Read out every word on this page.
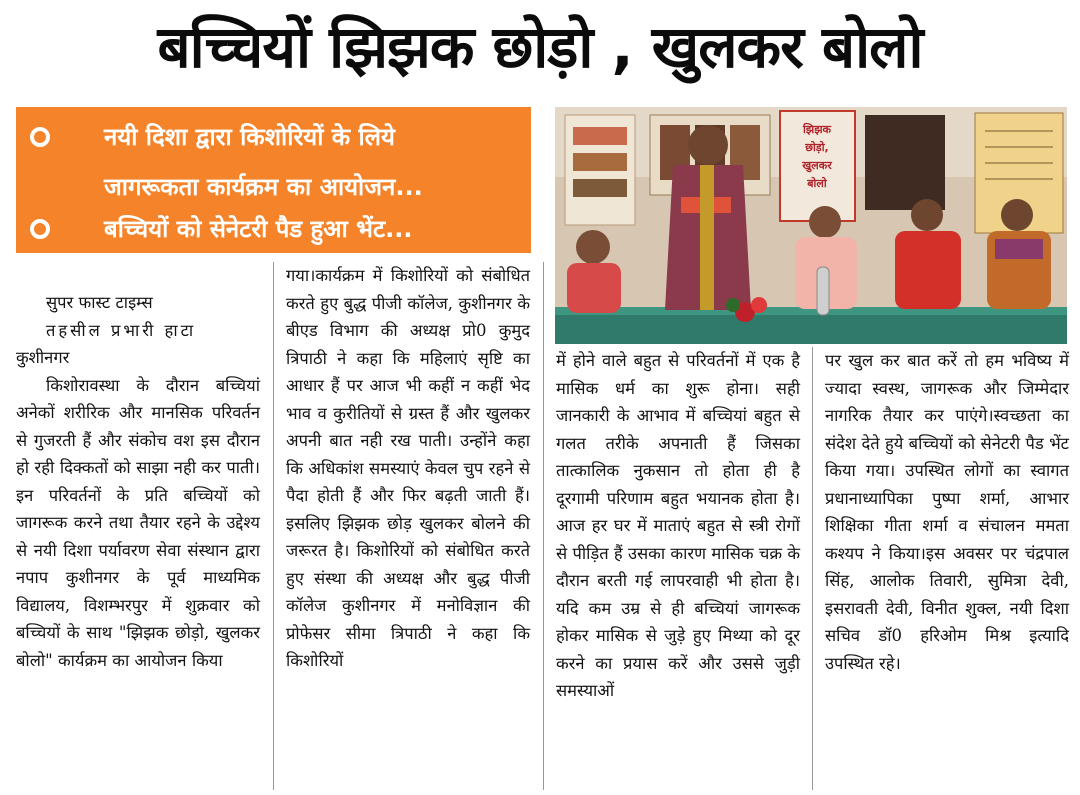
बच्चियों झिझक छोड़ो , खुलकर बोलो
नयी दिशा द्वारा किशोरियों के लिये
जागरूकता कार्यक्रम का आयोजन...
बच्चियों को सेनेटरी पैड हुआ भेंट...
झिझक
छोड़ो,
खुलकर
बोलो

सुपर फास्ट टाइम्स

तहसील प्रभारी हाटा

कुशीनगर

किशोरावस्था के दौरान बच्चियां अनेकों शरीरिक और मानसिक परिवर्तन से गुजरती हैं और संकोच वश इस दौरान हो रही दिक्कतों को साझा नही कर पाती। इन परिवर्तनों के प्रति बच्चियों को जागरूक करने तथा तैयार रहने के उद्देश्य से नयी दिशा पर्यावरण सेवा संस्थान द्वारा नपाप कुशीनगर के पूर्व माध्यमिक विद्यालय, विशम्भरपुर में शुक्रवार को बच्चियों के साथ "झिझक छोड़ो, खुलकर बोलो" कार्यक्रम का आयोजन किया

गया।कार्यक्रम में किशोरियों को संबोधित करते हुए बुद्ध पीजी कॉलेज, कुशीनगर के बीएड विभाग की अध्यक्ष प्रो0 कुमुद त्रिपाठी ने कहा कि महिलाएं सृष्टि का आधार हैं पर आज भी कहीं न कहीं भेद भाव व कुरीतियों से ग्रस्त हैं और खुलकर अपनी बात नही रख पाती। उन्होंने कहा कि अधिकांश समस्याएं केवल चुप रहने से पैदा होती हैं और फिर बढ़ती जाती हैं। इसलिए झिझक छोड़ खुलकर बोलने की जरूरत है। किशोरियों को संबोधित करते हुए संस्था की अध्यक्ष और बुद्ध पीजी कॉलेज कुशीनगर में मनोविज्ञान की प्रोफेसर सीमा त्रिपाठी ने कहा कि किशोरियों

में होने वाले बहुत से परिवर्तनों में एक है मासिक धर्म का शुरू होना। सही जानकारी के आभाव में बच्चियां बहुत से गलत तरीके अपनाती हैं जिसका तात्कालिक नुकसान तो होता ही है दूरगामी परिणाम बहुत भयानक होता है। आज हर घर में माताएं बहुत से स्त्री रोगों से पीड़ित हैं उसका कारण मासिक चक्र के दौरान बरती गई लापरवाही भी होता है। यदि कम उम्र से ही बच्चियां जागरूक होकर मासिक से जुड़े हुए मिथ्या को दूर करने का प्रयास करें और उससे जुड़ी समस्याओं

पर खुल कर बात करें तो हम भविष्य में ज्यादा स्वस्थ, जागरूक और जिम्मेदार नागरिक तैयार कर पाएंगे।स्वच्छता का संदेश देते हुये बच्चियों को सेनेटरी पैड भेंट किया गया। उपस्थित लोगों का स्वागत प्रधानाध्यापिका पुष्पा शर्मा, आभार शिक्षिका गीता शर्मा व संचालन ममता कश्यप ने किया।इस अवसर पर चंद्रपाल सिंह, आलोक तिवारी, सुमित्रा देवी, इसरावती देवी, विनीत शुक्ल, नयी दिशा सचिव डॉ0 हरिओम मिश्र इत्यादि उपस्थित रहे।
